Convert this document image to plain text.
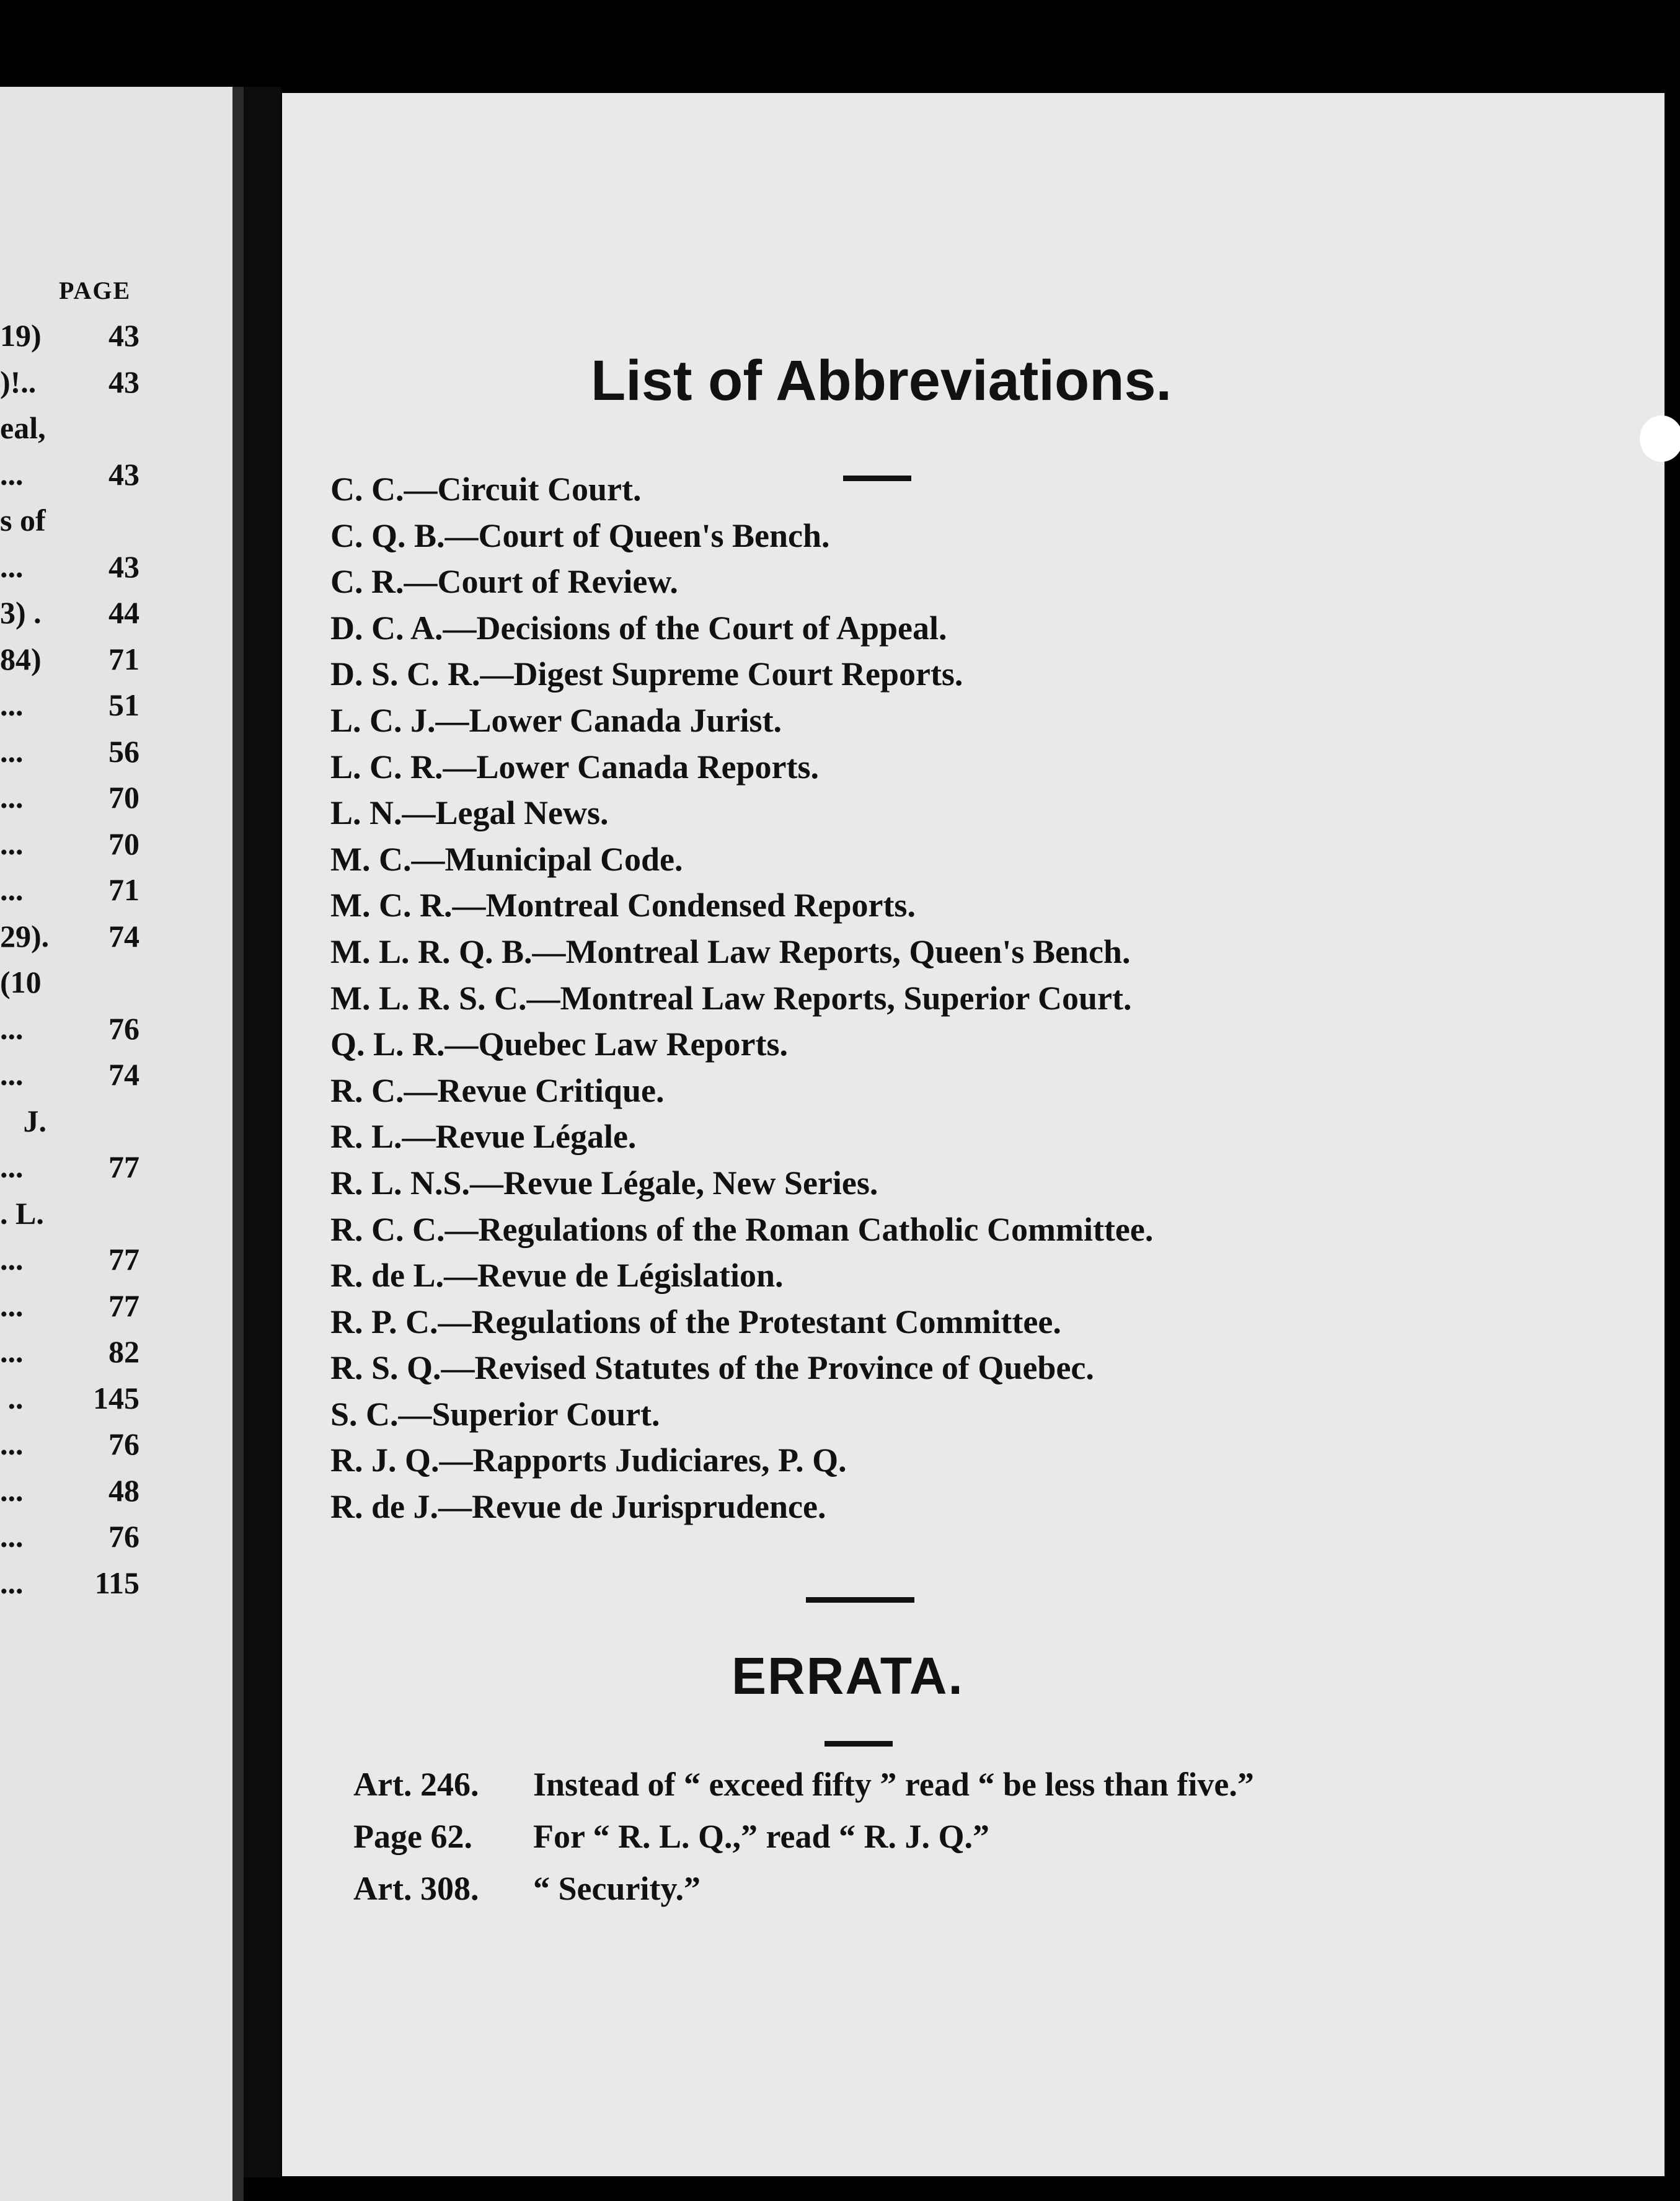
PAGE
19) 43
)!.. 43
eal,
...	43
s of
...	43
3) . 44
84) 71
...	51
...	56
...	70
...	70
...	71
29). 74
(10
...	76
...	74
J.
...	77
. L.
...	77
...	77
...	82
.. 145
...	76
...	48
...	76
... 115
List of Abbreviations.
C. C.—Circuit Court.
C. Q. B.—Court of Queen's Bench.
C. R.—Court of Review.
D. C. A.—Decisions of the Court of Appeal.
D. S. C. R.—Digest Supreme Court Reports.
L. C. J.—Lower Canada Jurist.
L. C. R.—Lower Canada Reports.
L. N.—Legal News.
M. C.—Municipal Code.
M. C. R.—Montreal Condensed Reports.
M. L. R. Q. B.—Montreal Law Reports, Queen's Bench.
M. L. R. S. C.—Montreal Law Reports, Superior Court.
Q. L. R.—Quebec Law Reports.
R. C.—Revue Critique.
R. L.—Revue Légale.
R. L. N.S.—Revue Légale, New Series.
R. C. C.—Regulations of the Roman Catholic Committee.
R. de L.—Revue de Législation.
R. P. C.—Regulations of the Protestant Committee.
R. S. Q.—Revised Statutes of the Province of Quebec.
S. C.—Superior Court.
R. J. Q.—Rapports Judiciares, P. Q.
R. de J.—Revue de Jurisprudence.
ERRATA.
Art. 246. Instead of “ exceed fifty ” read “ be less than five.”
Page 62. For “ R. L. Q.,” read “ R. J. Q.”
Art. 308. “ Security.”
